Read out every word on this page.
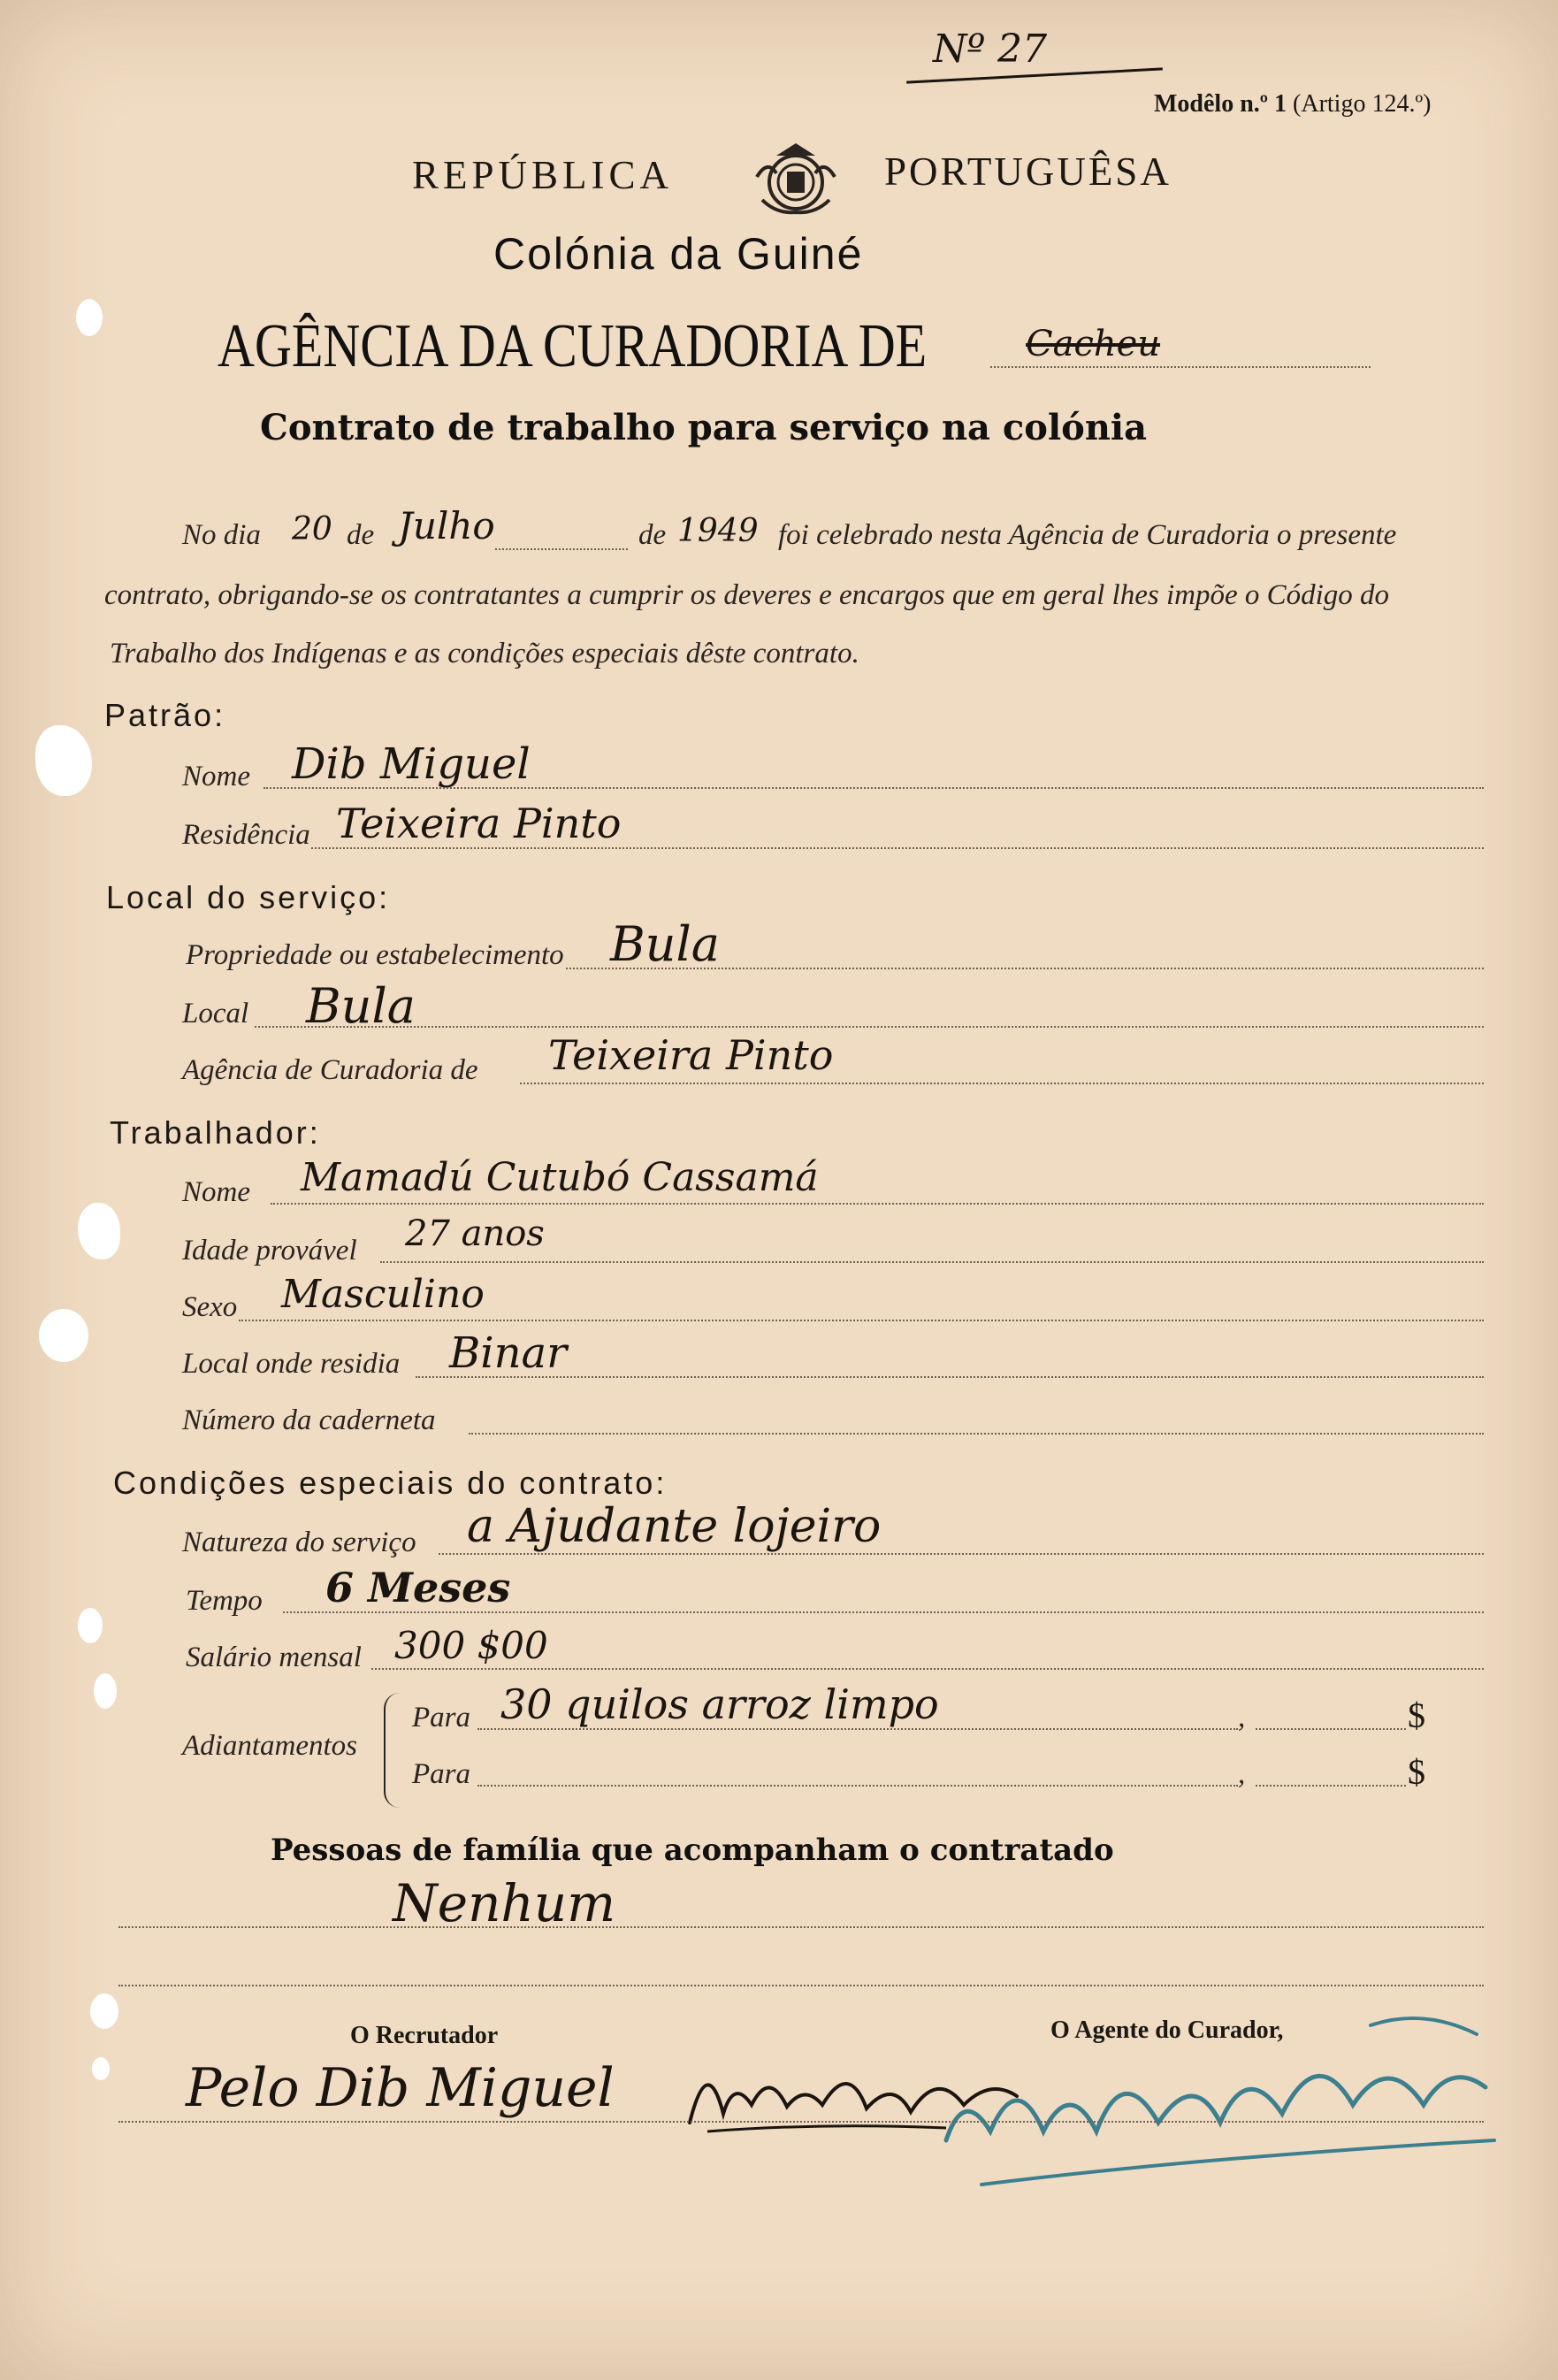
Nº 27
Modêlo n.º 1 (Artigo 124.º)
REPÚBLICA	PORTUGUÊSA
Colónia da Guiné
AGÊNCIA DA CURADORIA DE	Cacheu
Contrato de trabalho para serviço na colónia
No dia 20 de Julho	de 1949 foi celebrado nesta Agência de Curadoria o presente
contrato, obrigando-se os contratantes a cumprir os deveres e encargos que em geral lhes impõe o Código do
Trabalho dos Indígenas e as condições especiais dêste contrato.
Patrão:
Nome Dib Miguel
Residência Teixeira Pinto
Local do serviço:
Propriedade ou estabelecimento Bula
Local Bula
Agência de Curadoria de Teixeira Pinto
Trabalhador:
Nome Mamadú Cutubó Cassamá
Idade provável 27 anos
Sexo Masculino
Local onde residia Binar
Número da caderneta
Condições especiais do contrato:
Natureza do serviço a Ajudante lojeiro
Tempo 6 Meses
Salário mensal 300 $00
Adiantamentos
Para 30 quilos arroz limpo	,	$
Para	,	$
Pessoas de família que acompanham o contratado
Nenhum
O Recrutador	O Agente do Curador,
Pelo Dib Miguel
